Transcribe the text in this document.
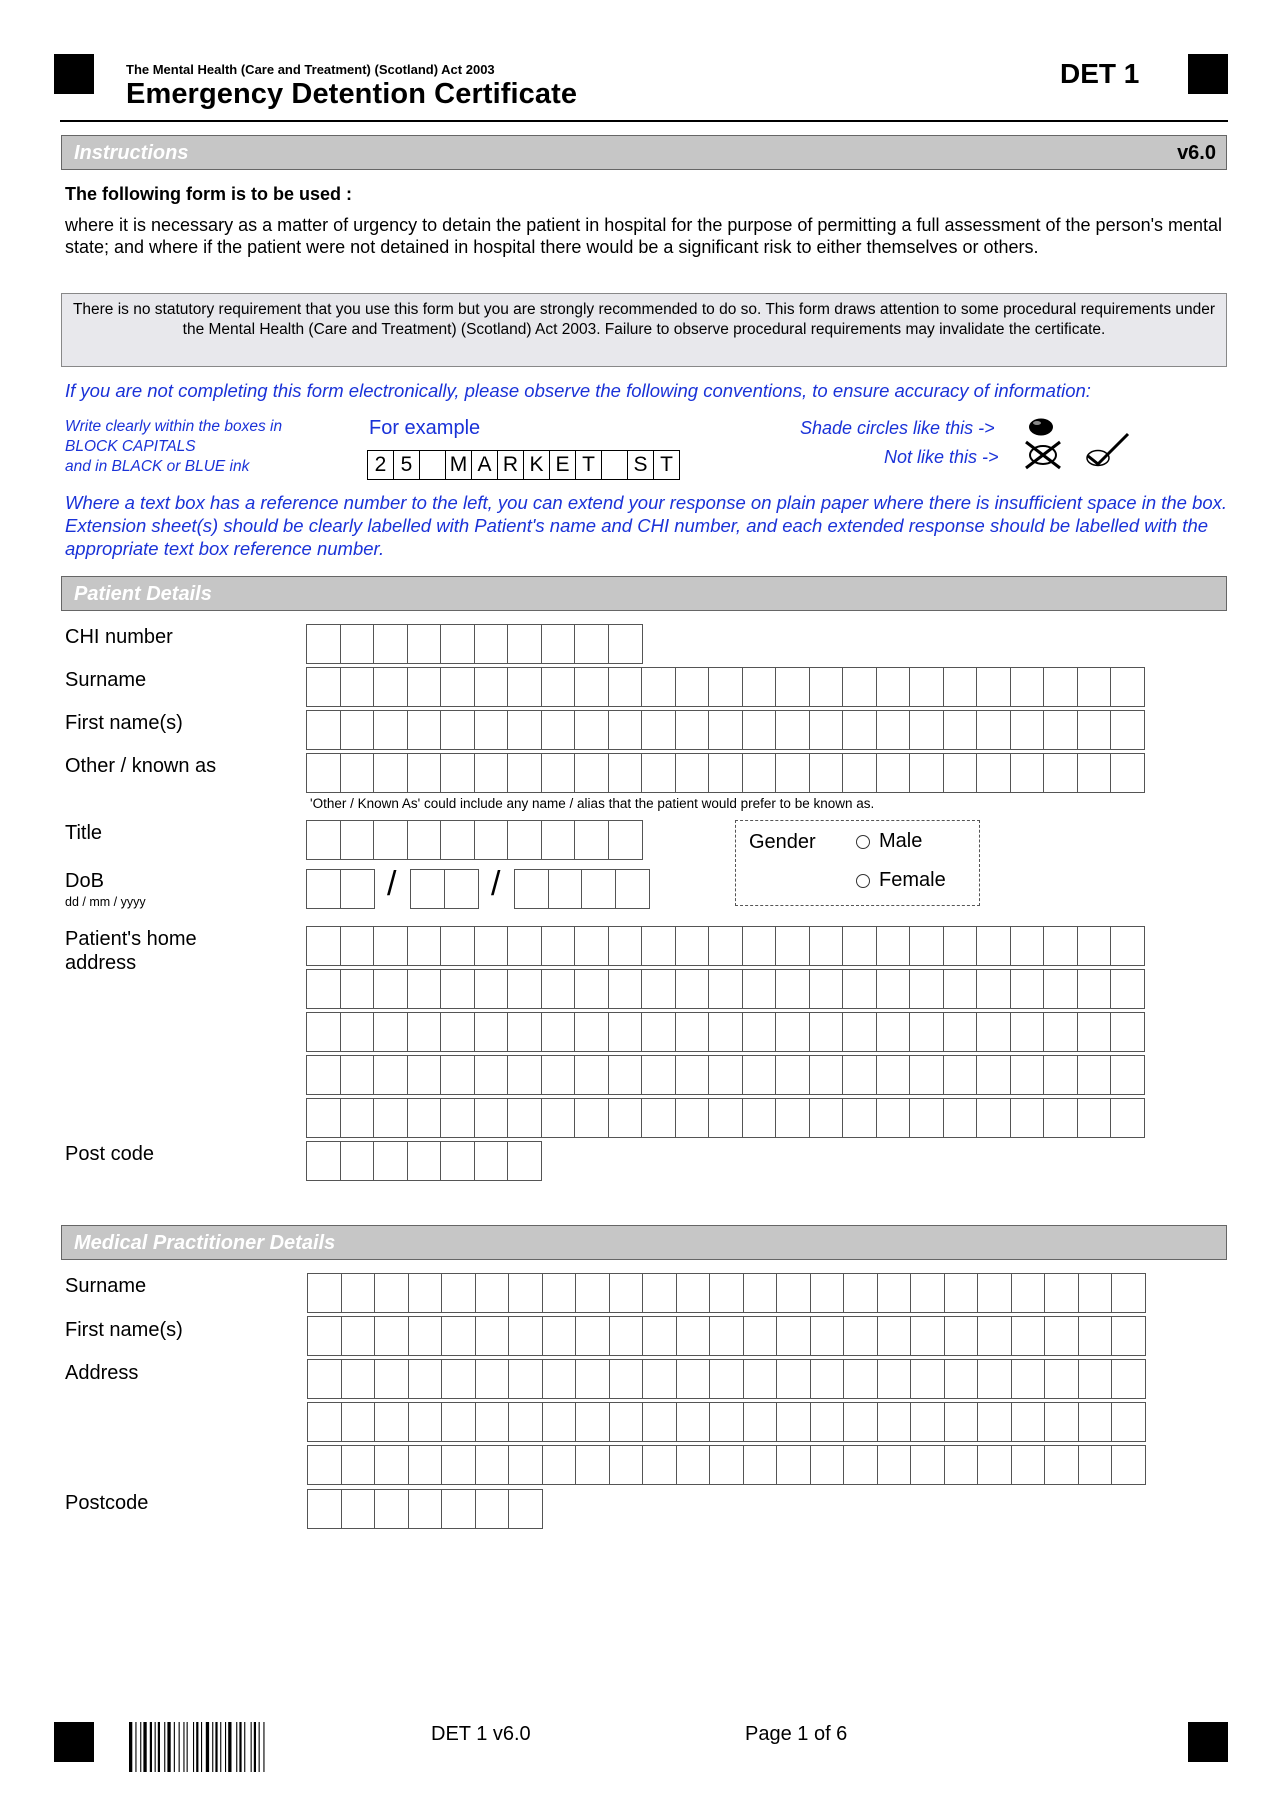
The Mental Health (Care and Treatment) (Scotland) Act 2003
Emergency Detention Certificate
DET 1
Instructions	v6.0
The following form is to be used :
where it is necessary as a matter of urgency to detain the patient in hospital for the purpose of permitting a full assessment of the person's mental state; and where if the patient were not detained in hospital there would be a significant risk to either themselves or others.
There is no statutory requirement that you use this form but you are strongly recommended to do so. This form draws attention to some procedural requirements under the Mental Health (Care and Treatment) (Scotland) Act 2003. Failure to observe procedural requirements may invalidate the certificate.
If you are not completing this form electronically, please observe the following conventions, to ensure accuracy of information:
Write clearly within the boxes in
BLOCK CAPITALS
and in BLACK or BLUE ink
For example
2 5	M A R K E T	S T
Shade circles like this ->
Not like this ->
Where a text box has a reference number to the left, you can extend your response on plain paper where there is insufficient space in the box. Extension sheet(s) should be clearly labelled with Patient's name and CHI number, and each extended response should be labelled with the appropriate text box reference number.
Patient Details
CHI number
Surname
First name(s)
Other / known as
'Other / Known As' could include any name / alias that the patient would prefer to be known as.
Title
DoB
dd / mm / yyyy	/	/
Gender	Male
Female
Patient's home
address
Post code
Medical Practitioner Details
Surname
First name(s)
Address
Postcode
DET 1 v6.0	Page 1 of 6
